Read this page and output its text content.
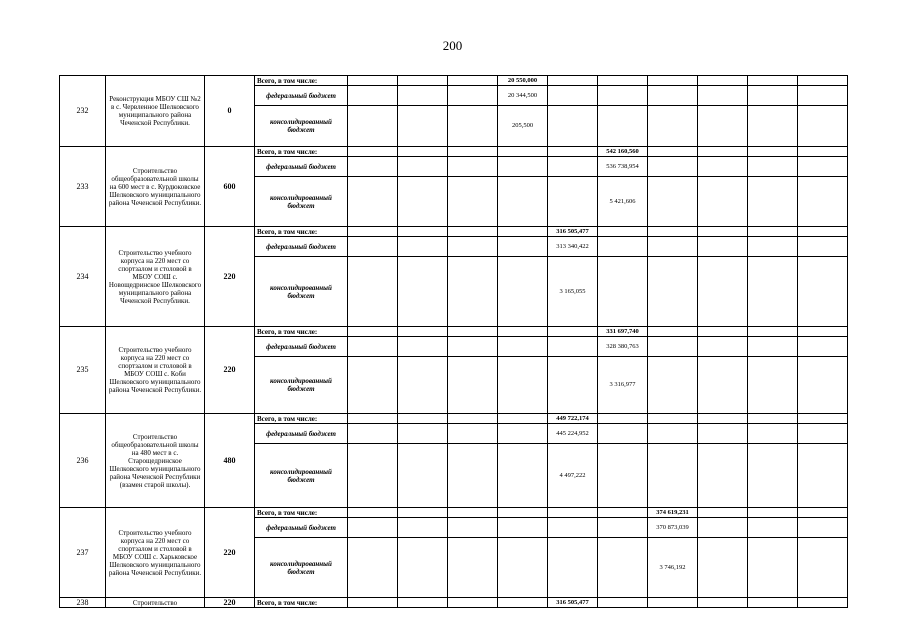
200
232	Реконструкция МБОУ СШ №2 в с. Червленное Шелковского муниципального района Чеченской Республики.	0	Всего, в том числе:				20 550,000						
			федеральный бюджет				20 344,500						
			консолидированный бюджет				205,500						
233	Строительство общеобразовательной школы на 600 мест в с. Курдюковское Шелковского муниципального района Чеченской Республики.	600	Всего, в том числе:						542 160,560				
			федеральный бюджет						536 738,954				
			консолидированный бюджет						5 421,606				
234	Строительство учебного корпуса на 220 мест со спортзалом и столовой в МБОУ СОШ с. Новощедринское Шелковского муниципального района Чеченской Республики.	220	Всего, в том числе:					316 505,477					
			федеральный бюджет					313 340,422					
			консолидированный бюджет					3 165,055					
235	Строительство учебного корпуса на 220 мест со спортзалом и столовой в МБОУ СОШ с. Коби Шелковского муниципального района Чеченской Республики.	220	Всего, в том числе:						331 697,740				
			федеральный бюджет						328 380,763				
			консолидированный бюджет						3 316,977				
236	Строительство общеобразовательной школы на 480 мест в с. Старощедринское Шелковского муниципального района Чеченской Республики (взамен старой школы).	480	Всего, в том числе:					449 722,174					
			федеральный бюджет					445 224,952					
			консолидированный бюджет					4 497,222					
237	Строительство учебного корпуса на 220 мест со спортзалом и столовой в МБОУ СОШ с. Харьковское Шелковского муниципального района Чеченской Республики.	220	Всего, в том числе:							374 619,231			
			федеральный бюджет							370 873,039			
			консолидированный бюджет							3 746,192			
238	Строительство	220	Всего, в том числе:					316 505,477					
